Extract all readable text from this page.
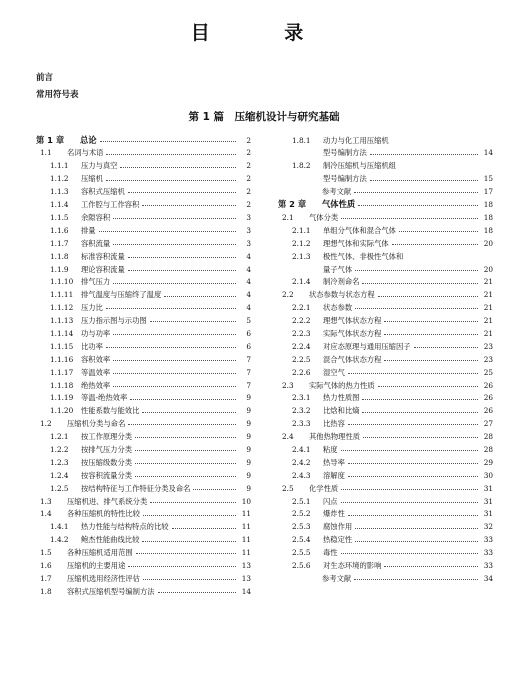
目 录
前言
常用符号表
第 1 篇　压缩机设计与研究基础
第 1 章	总论	2
1.1	名词与术语	2
1.1.1	压力与真空	2
1.1.2	压缩机	2
1.1.3	容积式压缩机	2
1.1.4	工作腔与工作容积	2
1.1.5	余隙容积	3
1.1.6	排量	3
1.1.7	容积流量	3
1.1.8	标准容积流量	4
1.1.9	理论容积流量	4
1.1.10	排气压力	4
1.1.11	排气温度与压缩终了温度	4
1.1.12	压力比	4
1.1.13	压力指示图与示功图	5
1.1.14	功与功率	6
1.1.15	比功率	6
1.1.16	容积效率	7
1.1.17	等温效率	7
1.1.18	绝热效率	7
1.1.19	等温-绝热效率	9
1.1.20	性能系数与能效比	9
1.2	压缩机分类与命名	9
1.2.1	按工作原理分类	9
1.2.2	按排气压力分类	9
1.2.3	按压缩级数分类	9
1.2.4	按容积流量分类	9
1.2.5	按结构特征与工作特征分类及命名	9
1.3	压缩机进、排气系统分类	10
1.4	各种压缩机的特性比较	11
1.4.1	热力性能与结构特点的比较	11
1.4.2	鲍杰性能曲线比较	11
1.5	各种压缩机适用范围	11
1.6	压缩机的主要用途	13
1.7	压缩机选用经济性评估	13
1.8	容积式压缩机型号编制方法	14
1.8.1	动力与化工用压缩机
型号编制方法	14
1.8.2	制冷压缩机与压缩机组
型号编制方法	15
参考文献	17
第 2 章	气体性质	18
2.1	气体分类	18
2.1.1	单组分气体和混合气体	18
2.1.2	理想气体和实际气体	20
2.1.3	极性气体、非极性气体和
量子气体	20
2.1.4	制冷剂命名	21
2.2	状态参数与状态方程	21
2.2.1	状态参数	21
2.2.2	理想气体状态方程	21
2.2.3	实际气体状态方程	21
2.2.4	对应态原理与通用压缩因子	23
2.2.5	混合气体状态方程	23
2.2.6	湿空气	25
2.3	实际气体的热力性质	26
2.3.1	热力性质图	26
2.3.2	比焓和比熵	26
2.3.3	比热容	27
2.4	其他热物理性质	28
2.4.1	粘度	28
2.4.2	热导率	29
2.4.3	溶解度	30
2.5	化学性质	31
2.5.1	闪点	31
2.5.2	爆炸性	31
2.5.3	腐蚀作用	32
2.5.4	热稳定性	33
2.5.5	毒性	33
2.5.6	对生态环境的影响	33
参考文献	34
